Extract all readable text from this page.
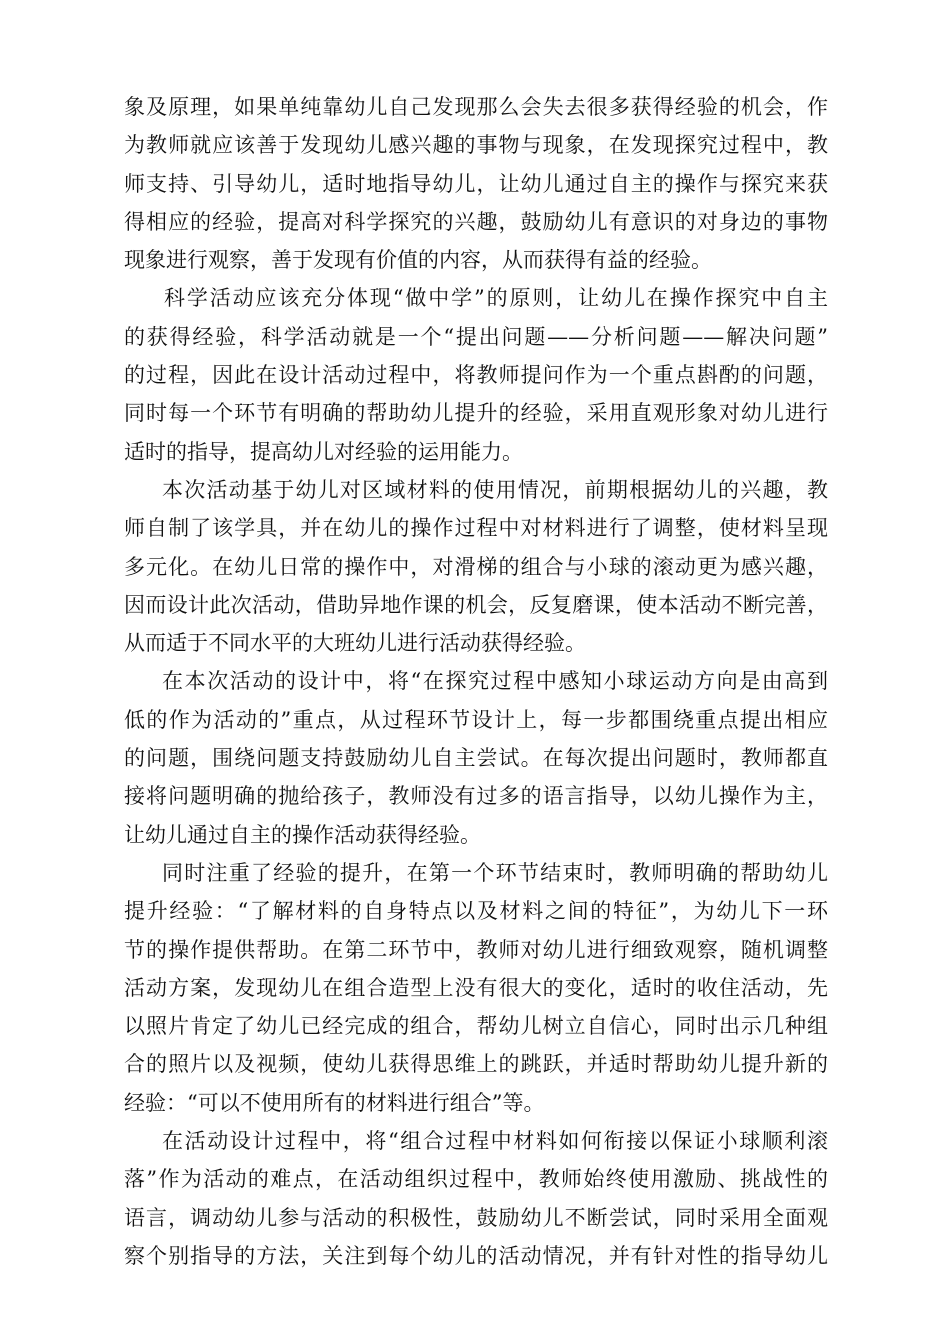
象及原理，如果单纯靠幼儿自己发现那么会失去很多获得经验的机会，作
为教师就应该善于发现幼儿感兴趣的事物与现象，在发现探究过程中，教
师支持、引导幼儿，适时地指导幼儿，让幼儿通过自主的操作与探究来获
得相应的经验，提高对科学探究的兴趣，鼓励幼儿有意识的对身边的事物
现象进行观察，善于发现有价值的内容，从而获得有益的经验。
科学活动应该充分体现“做中学”的原则，让幼儿在操作探究中自主
的获得经验，科学活动就是一个“提出问题——分析问题——解决问题”
的过程，因此在设计活动过程中，将教师提问作为一个重点斟酌的问题，
同时每一个环节有明确的帮助幼儿提升的经验，采用直观形象对幼儿进行
适时的指导，提高幼儿对经验的运用能力。
本次活动基于幼儿对区域材料的使用情况，前期根据幼儿的兴趣，教
师自制了该学具，并在幼儿的操作过程中对材料进行了调整，使材料呈现
多元化。在幼儿日常的操作中，对滑梯的组合与小球的滚动更为感兴趣，
因而设计此次活动，借助异地作课的机会，反复磨课，使本活动不断完善，
从而适于不同水平的大班幼儿进行活动获得经验。
在本次活动的设计中，将“在探究过程中感知小球运动方向是由高到
低的作为活动的”重点，从过程环节设计上，每一步都围绕重点提出相应
的问题，围绕问题支持鼓励幼儿自主尝试。在每次提出问题时，教师都直
接将问题明确的抛给孩子，教师没有过多的语言指导，以幼儿操作为主，
让幼儿通过自主的操作活动获得经验。
同时注重了经验的提升，在第一个环节结束时，教师明确的帮助幼儿
提升经验：“了解材料的自身特点以及材料之间的特征”，为幼儿下一环
节的操作提供帮助。在第二环节中，教师对幼儿进行细致观察，随机调整
活动方案，发现幼儿在组合造型上没有很大的变化，适时的收住活动，先
以照片肯定了幼儿已经完成的组合，帮幼儿树立自信心，同时出示几种组
合的照片以及视频，使幼儿获得思维上的跳跃，并适时帮助幼儿提升新的
经验：“可以不使用所有的材料进行组合”等。
在活动设计过程中，将“组合过程中材料如何衔接以保证小球顺利滚
落”作为活动的难点，在活动组织过程中，教师始终使用激励、挑战性的
语言，调动幼儿参与活动的积极性，鼓励幼儿不断尝试，同时采用全面观
察个别指导的方法，关注到每个幼儿的活动情况，并有针对性的指导幼儿
